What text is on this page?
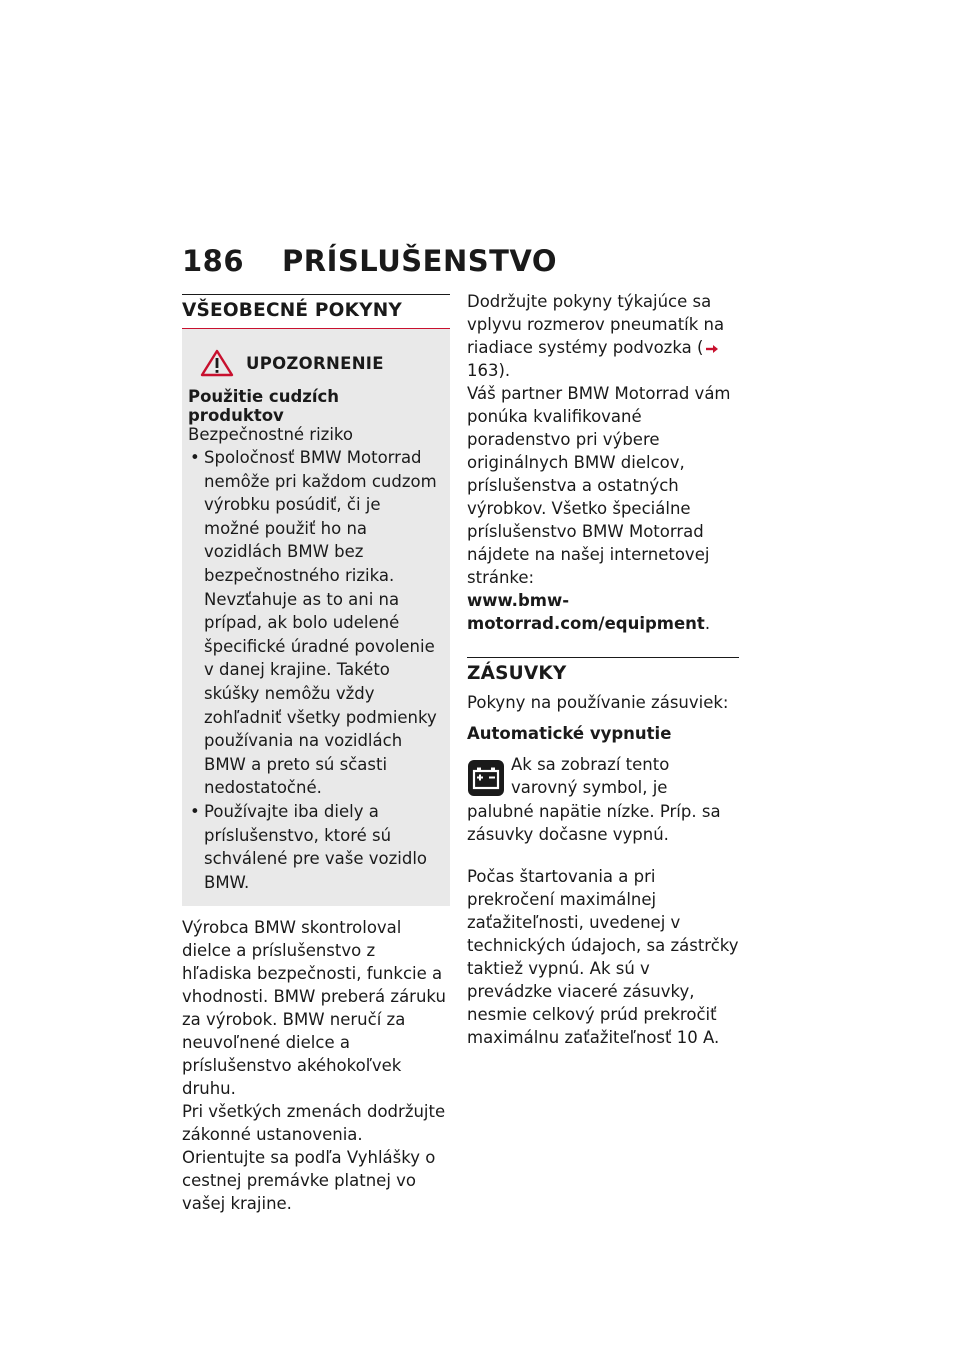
186 PRÍSLUŠENSTVO
VŠEOBECNÉ POKYNY
UPOZORNENIE
Použitie cudzích produktov
Bezpečnostné riziko
• Spoločnosť BMW Motorrad nemôže pri každom cudzom výrobku posúdiť, či je možné použiť ho na vozidlách BMW bez bezpečnostného rizika. Nevzťahuje as to ani na prípad, ak bolo udelené špecifické úradné povolenie v danej krajine. Takéto skúšky nemôžu vždy zohľadniť všetky podmienky používania na vozidlách BMW a preto sú sčasti nedostatočné.
• Používajte iba diely a príslušenstvo, ktoré sú schválené pre vaše vozidlo BMW.

Výrobca BMW skontroloval dielce a príslušenstvo z hľadiska bezpečnosti, funkcie a vhodnosti. BMW preberá záruku za výrobok. BMW neručí za neuvoľnené dielce a príslušenstvo akéhokoľvek druhu.

Pri všetkých zmenách dodržujte zákonné ustanovenia. Orientujte sa podľa Vyhlášky o cestnej premávke platnej vo vašej krajine.

Dodržujte pokyny týkajúce sa vplyvu rozmerov pneumatík na riadiace systémy podvozka ( 163).

Váš partner BMW Motorrad vám ponúka kvalifikované poradenstvo pri výbere originálnych BMW dielcov, príslušenstva a ostatných výrobkov. Všetko špeciálne príslušenstvo BMW Motorrad nájdete na našej internetovej stránke:

www.bmw-motorrad.com/equipment.

ZÁSUVKY

Pokyny na používanie zásuviek:

Automatické vypnutie
Ak sa zobrazí tento varovný symbol, je palubné napätie nízke. Príp. sa zásuvky dočasne vypnú.

Počas štartovania a pri prekročení maximálnej zaťažiteľnosti, uvedenej v technických údajoch, sa zástrčky taktiež vypnú. Ak sú v prevádzke viaceré zásuvky, nesmie celkový prúd prekročiť maximálnu zaťažiteľnosť 10 A.
